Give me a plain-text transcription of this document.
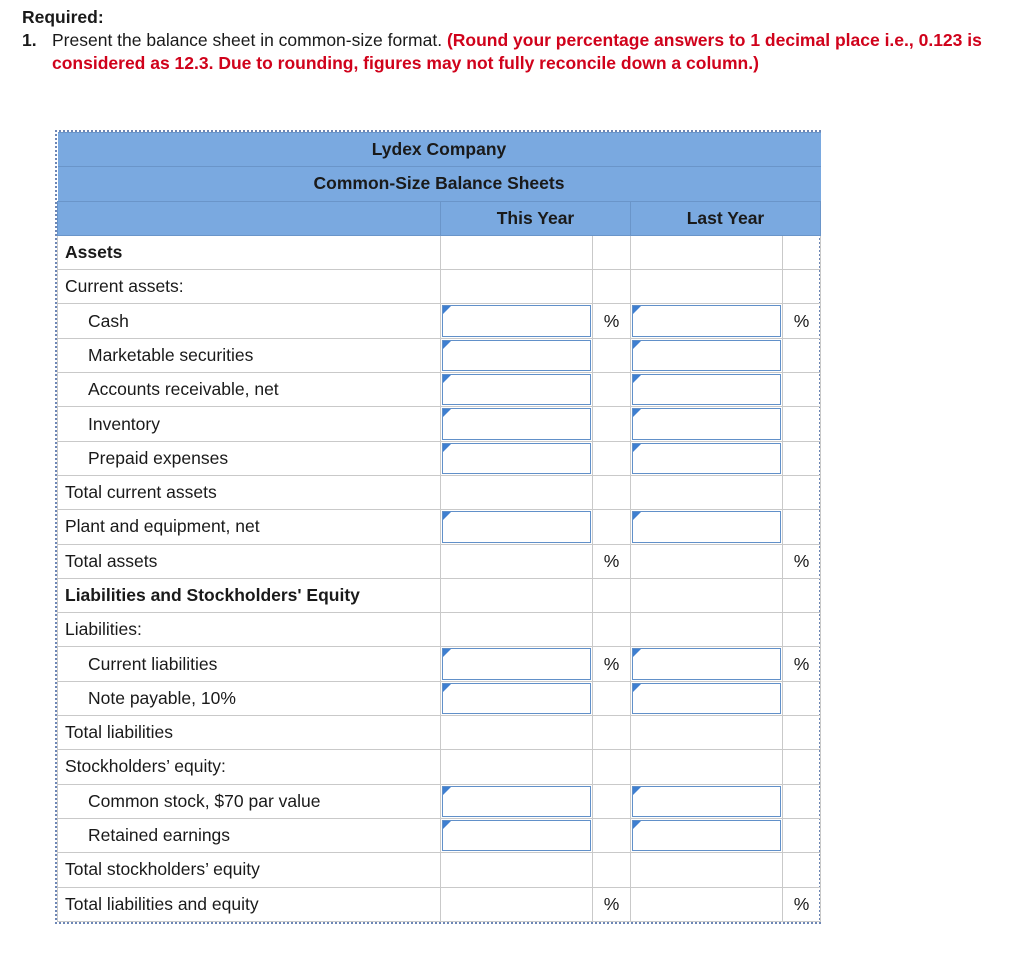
Required:
1. Present the balance sheet in common-size format. (Round your percentage answers to 1 decimal place i.e., 0.123 is considered as 12.3. Due to rounding, figures may not fully reconcile down a column.)
Lydex Company				
Common-Size Balance Sheets				
	This Year		Last Year	
Assets				
Current assets:				
Cash		%		%
Marketable securities	

Accounts receivable, net	

Inventory	

Prepaid expenses	

Total current assets				
Plant and equipment, net	

Total assets		%		%
Liabilities and Stockholders' Equity				
Liabilities:				
Current liabilities		%		%
Note payable, 10%	

Total liabilities				
Stockholders’ equity:				
Common stock, $70 par value	

Retained earnings	

Total stockholders’ equity				
Total liabilities and equity		%		%
